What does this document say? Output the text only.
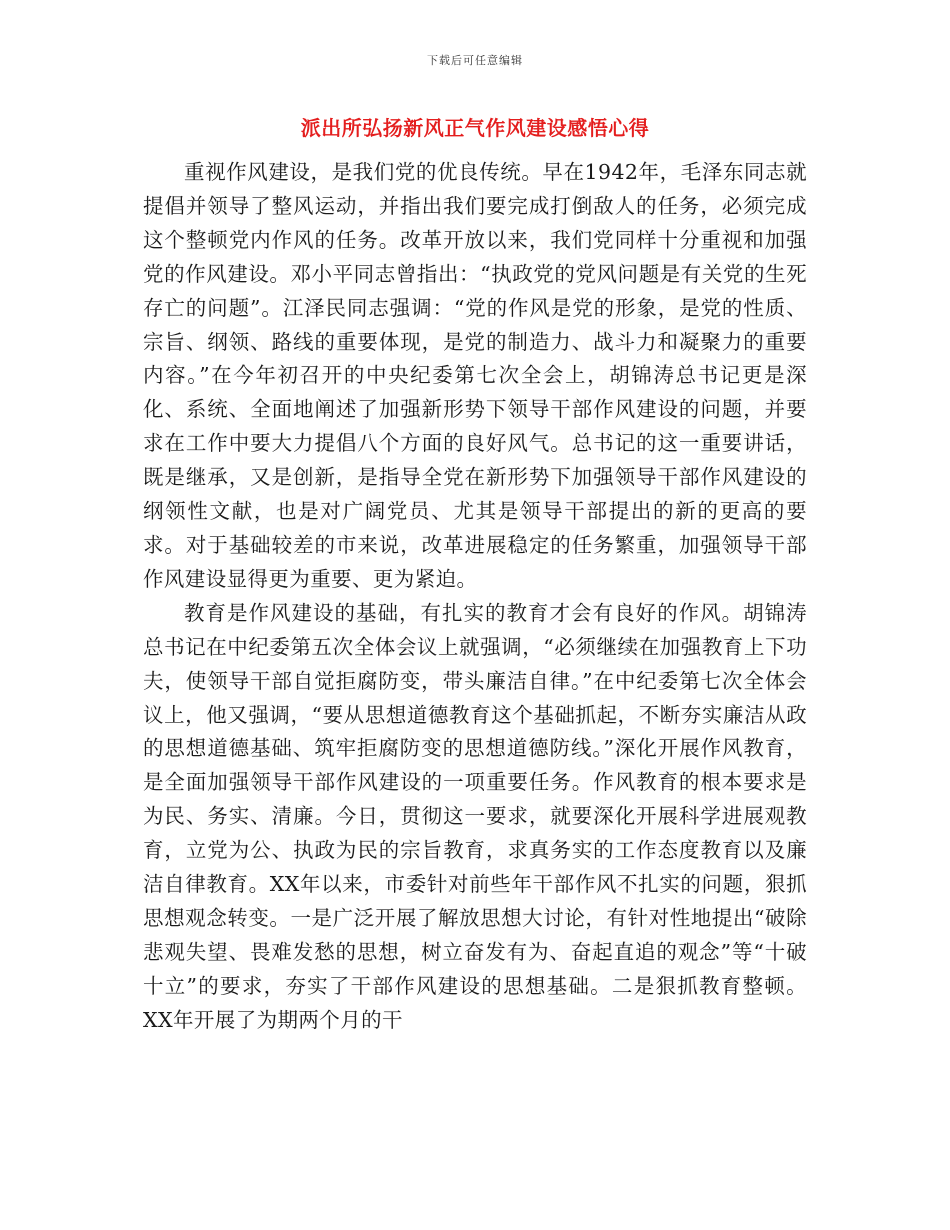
下载后可任意编辑
派出所弘扬新风正气作风建设感悟心得

重视作风建设，是我们党的优良传统。早在1942年，毛泽东同志就提倡并领导了整风运动，并指出我们要完成打倒敌人的任务，必须完成这个整顿党内作风的任务。改革开放以来，我们党同样十分重视和加强党的作风建设。邓小平同志曾指出：“执政党的党风问题是有关党的生死存亡的问题”。江泽民同志强调：“党的作风是党的形象，是党的性质、宗旨、纲领、路线的重要体现，是党的制造力、战斗力和凝聚力的重要内容。”在今年初召开的中央纪委第七次全会上，胡锦涛总书记更是深化、系统、全面地阐述了加强新形势下领导干部作风建设的问题，并要求在工作中要大力提倡八个方面的良好风气。总书记的这一重要讲话，既是继承，又是创新，是指导全党在新形势下加强领导干部作风建设的纲领性文献，也是对广阔党员、尤其是领导干部提出的新的更高的要求。对于基础较差的市来说，改革进展稳定的任务繁重，加强领导干部作风建设显得更为重要、更为紧迫。

教育是作风建设的基础，有扎实的教育才会有良好的作风。胡锦涛总书记在中纪委第五次全体会议上就强调，“必须继续在加强教育上下功夫，使领导干部自觉拒腐防变，带头廉洁自律。”在中纪委第七次全体会议上，他又强调，“要从思想道德教育这个基础抓起，不断夯实廉洁从政的思想道德基础、筑牢拒腐防变的思想道德防线。”深化开展作风教育，是全面加强领导干部作风建设的一项重要任务。作风教育的根本要求是为民、务实、清廉。今日，贯彻这一要求，就要深化开展科学进展观教育，立党为公、执政为民的宗旨教育，求真务实的工作态度教育以及廉洁自律教育。XX年以来，市委针对前些年干部作风不扎实的问题，狠抓思想观念转变。一是广泛开展了解放思想大讨论，有针对性地提出“破除悲观失望、畏难发愁的思想，树立奋发有为、奋起直追的观念”等“十破十立”的要求，夯实了干部作风建设的思想基础。二是狠抓教育整顿。XX年开展了为期两个月的干
